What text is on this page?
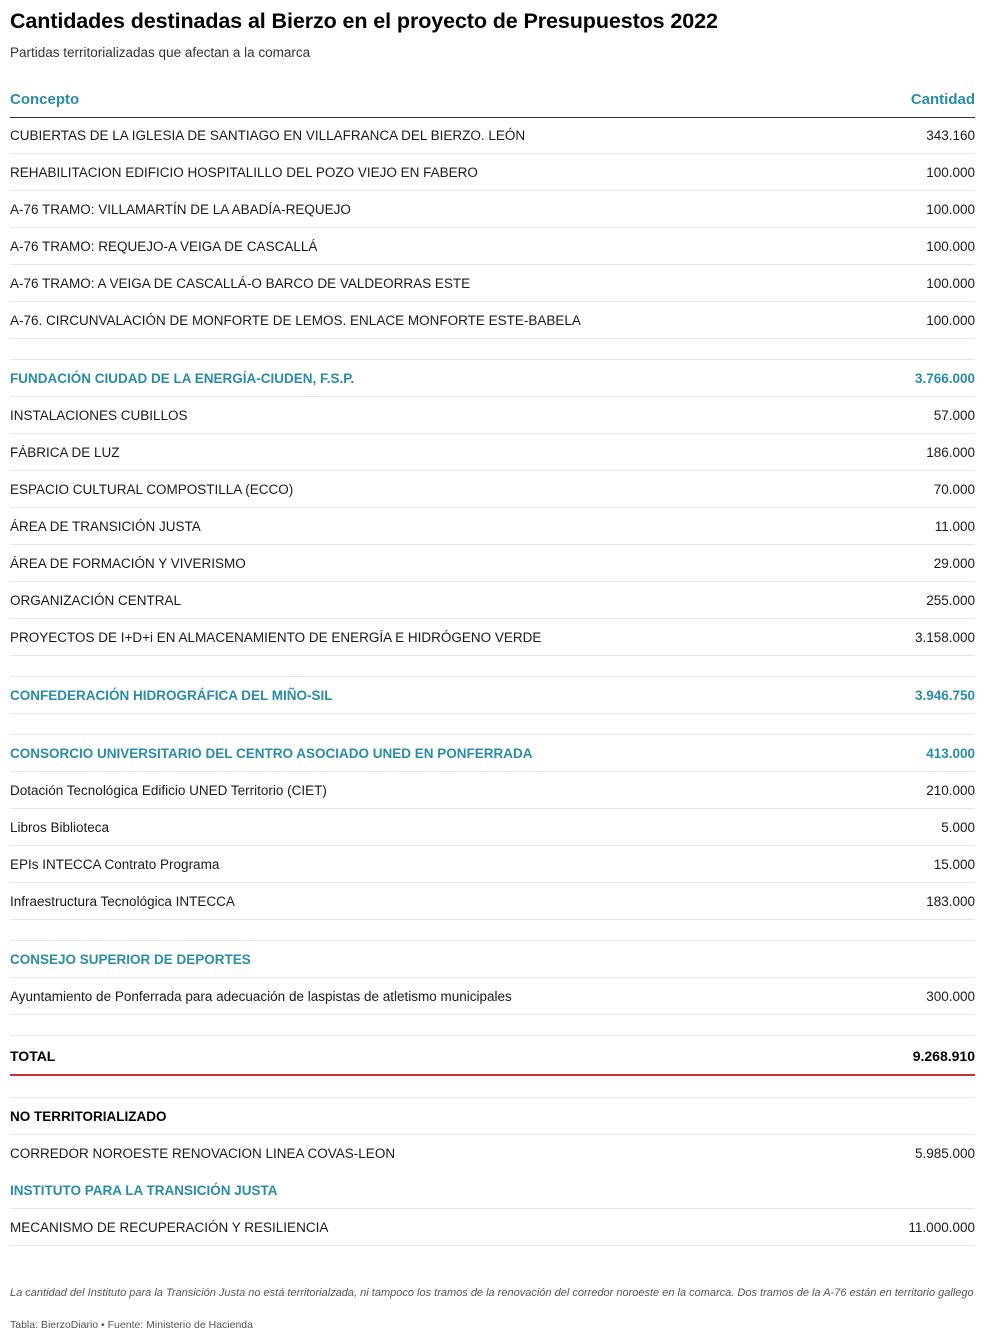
Cantidades destinadas al Bierzo en el proyecto de Presupuestos 2022

Partidas territorializadas que afectan a la comarca

Concepto	Cantidad
CUBIERTAS DE LA IGLESIA DE SANTIAGO EN VILLAFRANCA DEL BIERZO. LEÓN	343.160
REHABILITACION EDIFICIO HOSPITALILLO DEL POZO VIEJO EN FABERO	100.000
A-76 TRAMO: VILLAMARTÍN DE LA ABADÍA-REQUEJO	100.000
A-76 TRAMO: REQUEJO-A VEIGA DE CASCALLÁ	100.000
A-76 TRAMO: A VEIGA DE CASCALLÁ-O BARCO DE VALDEORRAS ESTE	100.000
A-76. CIRCUNVALACIÓN DE MONFORTE DE LEMOS. ENLACE MONFORTE ESTE-BABELA	100.000
FUNDACIÓN CIUDAD DE LA ENERGÍA-CIUDEN, F.S.P.	3.766.000
INSTALACIONES CUBILLOS	57.000
FÁBRICA DE LUZ	186.000
ESPACIO CULTURAL COMPOSTILLA (ECCO)	70.000
ÁREA DE TRANSICIÓN JUSTA	11.000
ÁREA DE FORMACIÓN Y VIVERISMO	29.000
ORGANIZACIÓN CENTRAL	255.000
PROYECTOS DE I+D+i EN ALMACENAMIENTO DE ENERGÍA E HIDRÓGENO VERDE	3.158.000
CONFEDERACIÓN HIDROGRÁFICA DEL MIÑO-SIL	3.946.750
CONSORCIO UNIVERSITARIO DEL CENTRO ASOCIADO UNED EN PONFERRADA	413.000
Dotación Tecnológica Edificio UNED Territorio (CIET)	210.000
Libros Biblioteca	5.000
EPIs INTECCA Contrato Programa	15.000
Infraestructura Tecnológica INTECCA	183.000
CONSEJO SUPERIOR DE DEPORTES
Ayuntamiento de Ponferrada para adecuación de laspistas de atletismo municipales	300.000
TOTAL	9.268.910
NO TERRITORIALIZADO
CORREDOR NOROESTE RENOVACION LINEA COVAS-LEON	5.985.000
INSTITUTO PARA LA TRANSICIÓN JUSTA
MECANISMO DE RECUPERACIÓN Y RESILIENCIA	11.000.000

La cantidad del Instituto para la Transición Justa no está territorialzada, ni tampoco los tramos de la renovación del corredor noroeste en la comarca. Dos tramos de la A-76 están en territorio gallego

Tabla: BierzoDiario • Fuente: Ministerio de Hacienda
